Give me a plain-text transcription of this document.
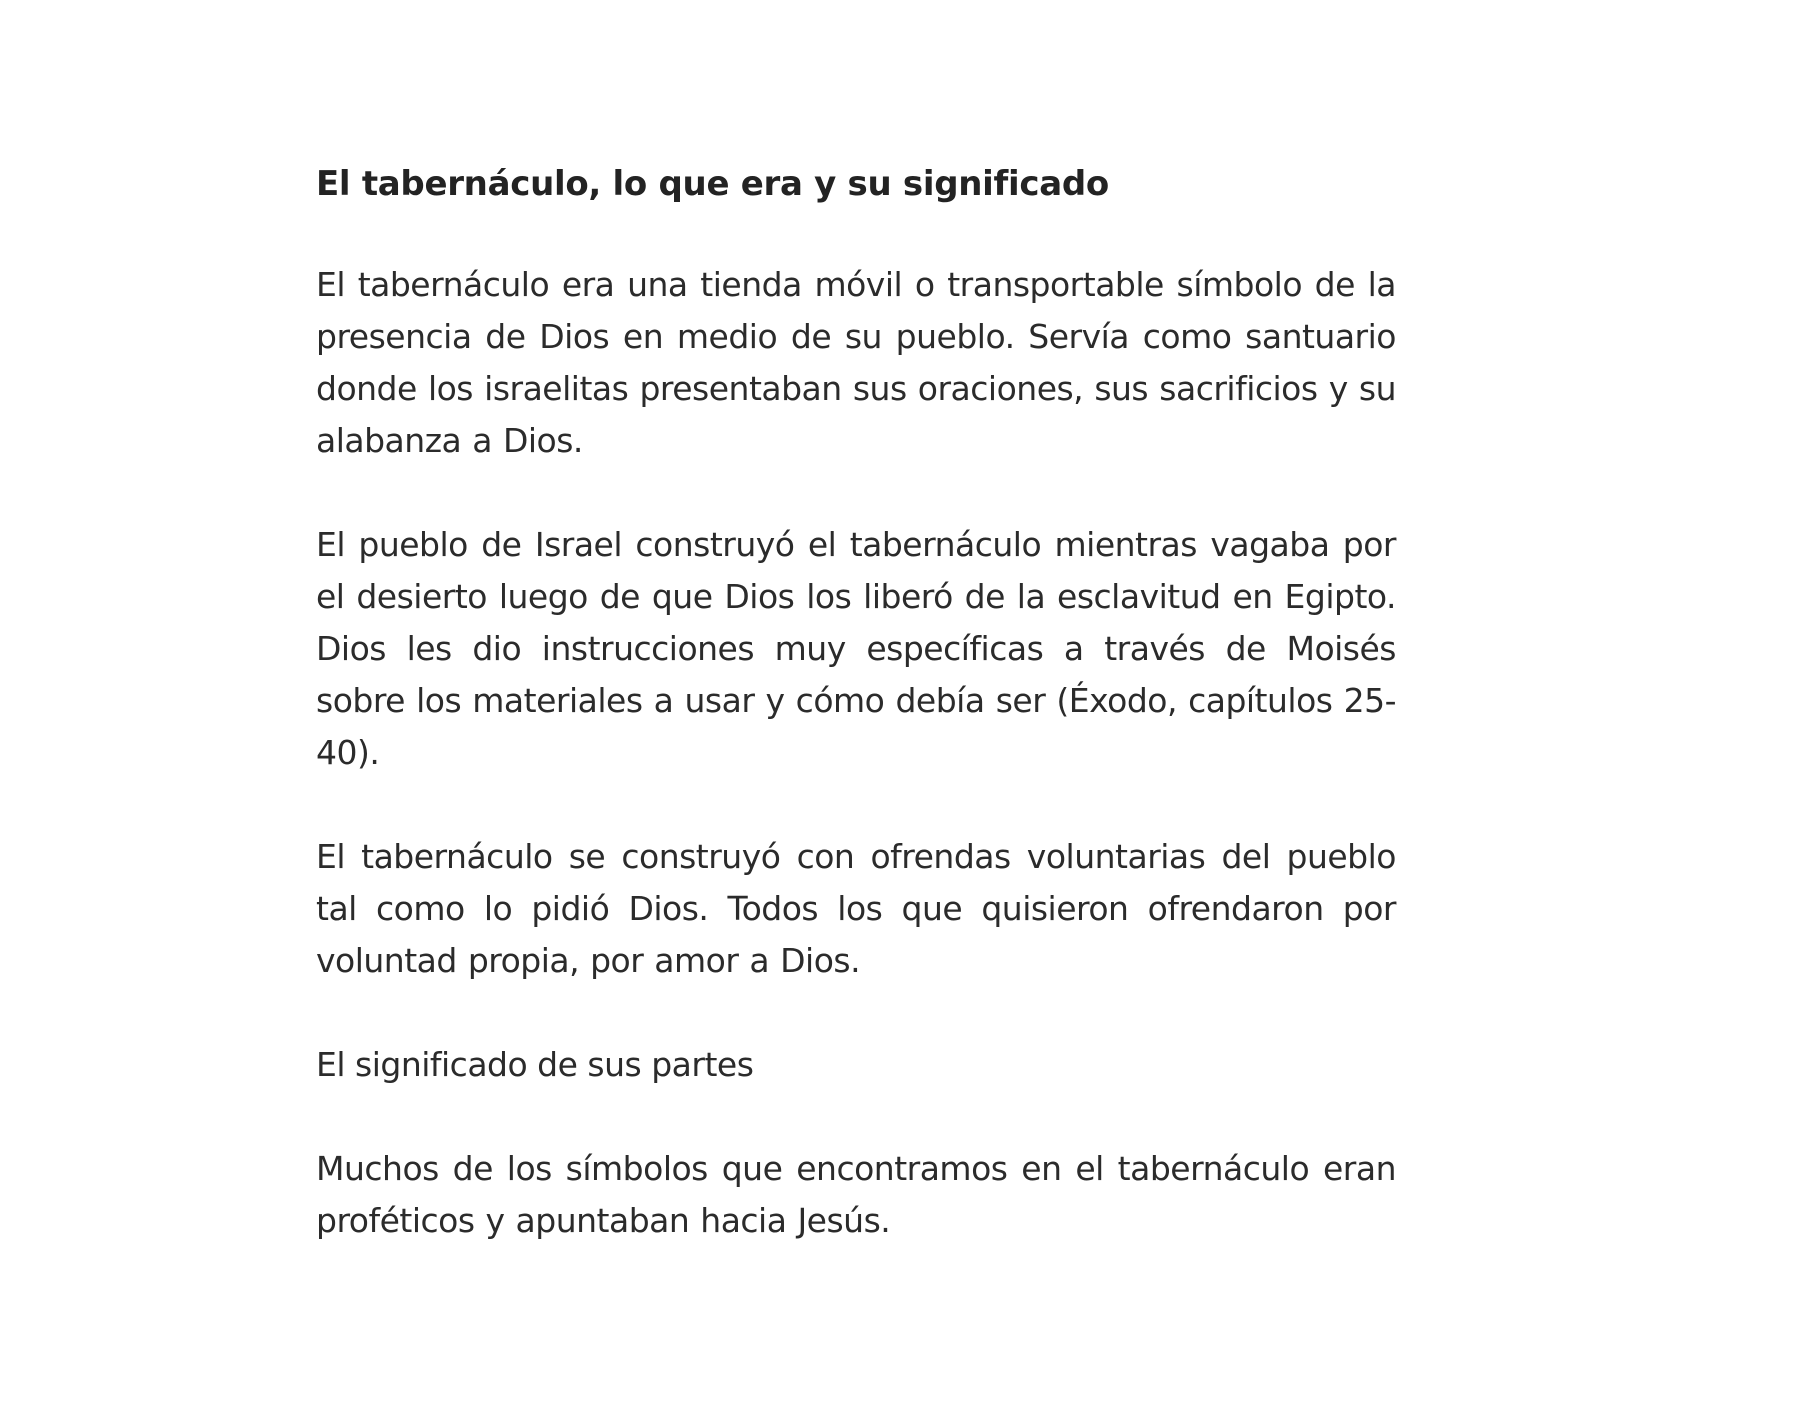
El tabernáculo, lo que era y su significado

El tabernáculo era una tienda móvil o transportable símbolo de la presencia de Dios en medio de su pueblo. Servía como santuario donde los israelitas presentaban sus oraciones, sus sacrificios y su alabanza a Dios.

El pueblo de Israel construyó el tabernáculo mientras vagaba por el desierto luego de que Dios los liberó de la esclavitud en Egipto. Dios les dio instrucciones muy específicas a través de Moisés sobre los materiales a usar y cómo debía ser (Éxodo, capítulos 25-40).

El tabernáculo se construyó con ofrendas voluntarias del pueblo tal como lo pidió Dios. Todos los que quisieron ofrendaron por voluntad propia, por amor a Dios.

El significado de sus partes

Muchos de los símbolos que encontramos en el tabernáculo eran proféticos y apuntaban hacia Jesús.
